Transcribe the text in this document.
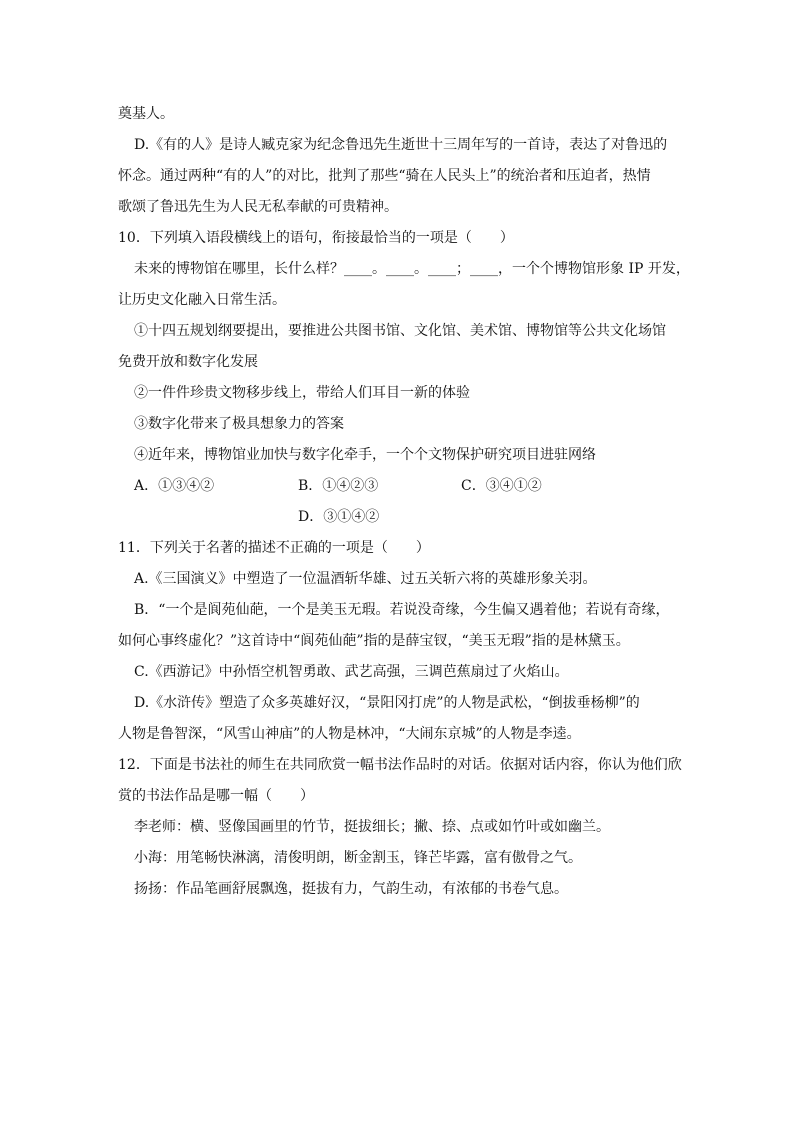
奠基人。
D.《有的人》是诗人臧克家为纪念鲁迅先生逝世十三周年写的一首诗，表达了对鲁迅的
怀念。通过两种“有的人”的对比，批判了那些“骑在人民头上”的统治者和压迫者，热情
歌颂了鲁迅先生为人民无私奉献的可贵精神。
10．下列填入语段横线上的语句，衔接最恰当的一项是（　　）
未来的博物馆在哪里，长什么样？____。____。____；____，一个个博物馆形象 IP 开发，
让历史文化融入日常生活。
①十四五规划纲要提出，要推进公共图书馆、文化馆、美术馆、博物馆等公共文化场馆
免费开放和数字化发展
②一件件珍贵文物移步线上，带给人们耳目一新的体验
③数字化带来了极具想象力的答案
④近年来，博物馆业加快与数字化牵手，一个个文物保护研究项目进驻网络
A．①③④②	B．①④②③	C．③④①②
D．③①④②
11．下列关于名著的描述不正确的一项是（　　）
A.《三国演义》中塑造了一位温酒斩华雄、过五关斩六将的英雄形象关羽。
B．“一个是阆苑仙葩，一个是美玉无瑕。若说没奇缘，今生偏又遇着他；若说有奇缘，
如何心事终虚化？”这首诗中“阆苑仙葩”指的是薛宝钗，“美玉无瑕”指的是林黛玉。
C.《西游记》中孙悟空机智勇敢、武艺高强，三调芭蕉扇过了火焰山。
D.《水浒传》塑造了众多英雄好汉，“景阳冈打虎”的人物是武松，“倒拔垂杨柳”的
人物是鲁智深，“风雪山神庙”的人物是林冲，“大闹东京城”的人物是李逵。
12．下面是书法社的师生在共同欣赏一幅书法作品时的对话。依据对话内容，你认为他们欣
赏的书法作品是哪一幅（　　）
李老师：横、竖像国画里的竹节，挺拔细长；撇、捺、点或如竹叶或如幽兰。
小海：用笔畅快淋漓，清俊明朗，断金割玉，锋芒毕露，富有傲骨之气。
扬扬：作品笔画舒展飘逸，挺拔有力，气韵生动，有浓郁的书卷气息。
